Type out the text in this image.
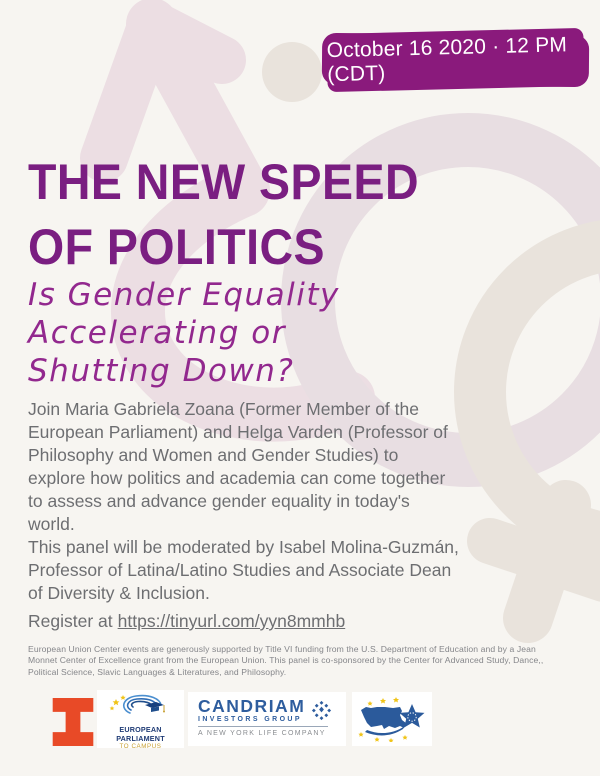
October 16 2020 · 12 PM (CDT)
THE NEW SPEED
OF POLITICS
Is Gender Equality
Accelerating or
Shutting Down?
Join Maria Gabriela Zoana (Former Member of the
European Parliament) and Helga Varden (Professor of
Philosophy and Women and Gender Studies) to
explore how politics and academia can come together
to assess and advance gender equality in today's
world.
This panel will be moderated by Isabel Molina-Guzmán,
Professor of Latina/Latino Studies and Associate Dean
of Diversity & Inclusion.
Register at https://tinyurl.com/yyn8mmhb
European Union Center events are generously supported by Title VI funding from the U.S. Department of Education and by a Jean
Monnet Center of Excellence grant from the European Union. This panel is co-sponsored by the Center for Advanced Study, Dance,,
Political Science, Slavic Languages & Literatures, and Philosophy.
EUROPEAN PARLIAMENT
TO CAMPUS
CANDRIAM
INVESTORS GROUP
A NEW YORK LIFE COMPANY
